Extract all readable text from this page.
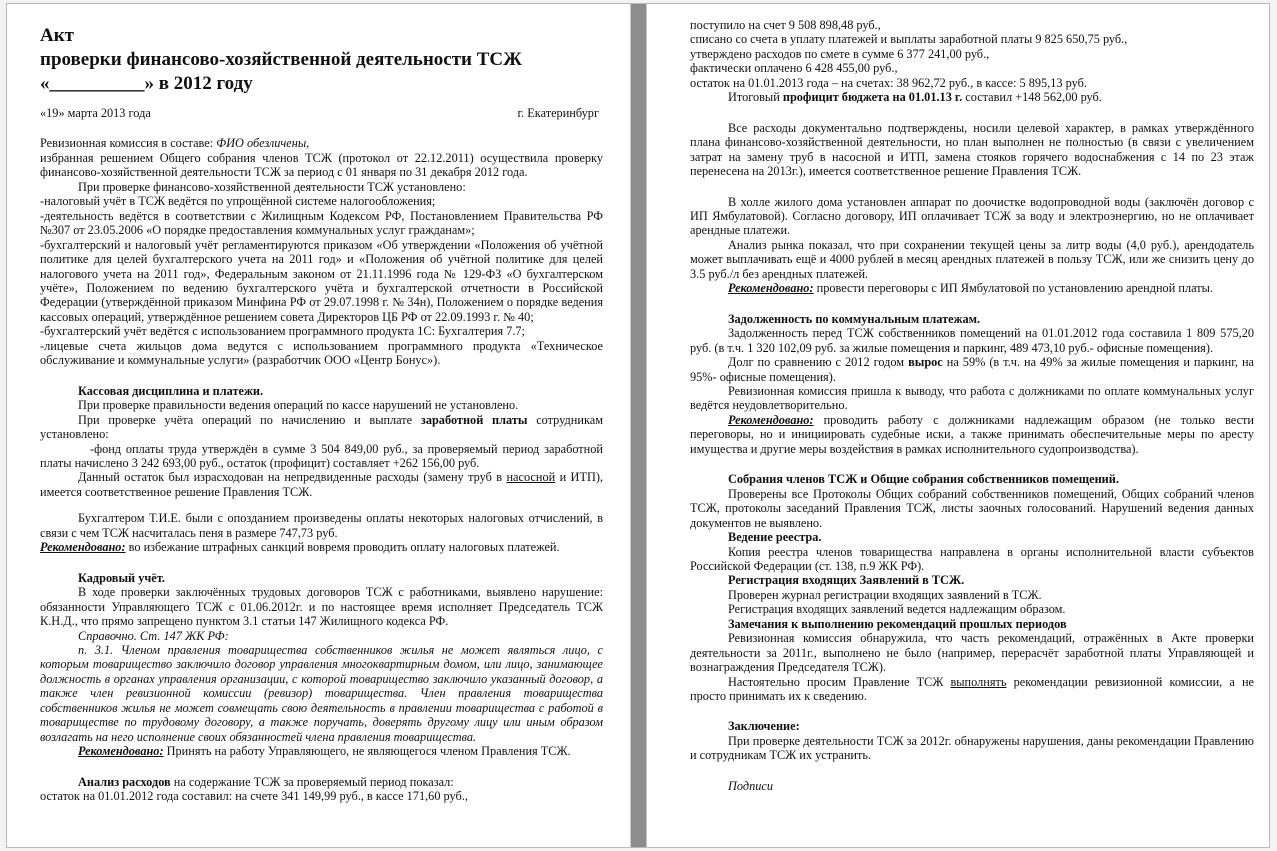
Акт

проверки финансово-хозяйственной деятельности ТСЖ

«__________» в 2012 году

«19» марта 2013 года	г. Екатеринбург

Ревизионная комиссия в составе: ФИО обезличены,

избранная решением Общего собрания членов ТСЖ (протокол от 22.12.2011) осуществила проверку финансово-хозяйственной деятельности ТСЖ за период с 01 января по 31 декабря 2012 года.

При проверке финансово-хозяйственной деятельности ТСЖ установлено:

-налоговый учёт в ТСЖ ведётся по упрощённой системе налогообложения;

-деятельность ведётся в соответствии с Жилищным Кодексом РФ, Постановлением Правительства РФ №307 от 23.05.2006 «О порядке предоставления коммунальных услуг гражданам»;

-бухгалтерский и налоговый учёт регламентируются приказом «Об утверждении «Положения об учётной политике для целей бухгалтерского учета на 2011 год» и «Положения об учётной политике для целей налогового учета на 2011 год», Федеральным законом от 21.11.1996 года № 129-ФЗ «О бухгалтерском учёте», Положением по ведению бухгалтерского учёта и бухгалтерской отчетности в Российской Федерации (утверждённой приказом Минфина РФ от 29.07.1998 г. № 34н), Положением о порядке ведения кассовых операций, утверждённое решением совета Директоров ЦБ РФ от 22.09.1993 г. № 40;

-бухгалтерский учёт ведётся с использованием программного продукта 1С: Бухгалтерия 7.7;

-лицевые счета жильцов дома ведутся с использованием программного продукта «Техническое обслуживание и коммунальные услуги» (разработчик ООО «Центр Бонус»).

Кассовая дисциплина и платежи.

При проверке правильности ведения операций по кассе нарушений не установлено.

При проверке учёта операций по начислению и выплате заработной платы сотрудникам установлено:

-фонд оплаты труда утверждён в сумме 3 504 849,00 руб., за проверяемый период заработной платы начислено 3 242 693,00 руб., остаток (профицит) составляет +262 156,00 руб.

Данный остаток был израсходован на непредвиденные расходы (замену труб в насосной и ИТП), имеется соответственное решение Правления ТСЖ.

Бухгалтером Т.И.Е. были с опозданием произведены оплаты некоторых налоговых отчислений, в связи с чем ТСЖ насчиталась пеня в размере 747,73 руб.

Рекомендовано: во избежание штрафных санкций вовремя проводить оплату налоговых платежей.

Кадровый учёт.

В ходе проверки заключённых трудовых договоров ТСЖ с работниками, выявлено нарушение: обязанности Управляющего ТСЖ с 01.06.2012г. и по настоящее время исполняет Председатель ТСЖ К.Н.Д., что прямо запрещено пунктом 3.1 статьи 147 Жилищного кодекса РФ.

Справочно. Ст. 147 ЖК РФ:

п. 3.1. Членом правления товарищества собственников жилья не может являться лицо, с которым товарищество заключило договор управления многоквартирным домом, или лицо, занимающее должность в органах управления организации, с которой товарищество заключило указанный договор, а также член ревизионной комиссии (ревизор) товарищества. Член правления товарищества собственников жилья не может совмещать свою деятельность в правлении товарищества с работой в товариществе по трудовому договору, а также поручать, доверять другому лицу или иным образом возлагать на него исполнение своих обязанностей члена правления товарищества.

Рекомендовано: Принять на работу Управляющего, не являющегося членом Правления ТСЖ.

Анализ расходов на содержание ТСЖ за проверяемый период показал:

остаток на 01.01.2012 года составил: на счете 341 149,99 руб., в кассе 171,60 руб.,

поступило на счет 9 508 898,48 руб.,

списано со счета в уплату платежей и выплаты заработной платы 9 825 650,75 руб.,

утверждено расходов по смете в сумме 6 377 241,00 руб.,

фактически оплачено 6 428 455,00 руб.,

остаток на 01.01.2013 года – на счетах: 38 962,72 руб., в кассе: 5 895,13 руб.

Итоговый профицит бюджета на 01.01.13 г. составил +148 562,00 руб.

Все расходы документально подтверждены, носили целевой характер, в рамках утверждённого плана финансово-хозяйственной деятельности, но план выполнен не полностью (в связи с увеличением затрат на замену труб в насосной и ИТП, замена стояков горячего водоснабжения с 14 по 23 этаж перенесена на 2013г.), имеется соответственное решение Правления ТСЖ.

В холле жилого дома установлен аппарат по доочистке водопроводной воды (заключён договор с ИП Ямбулатовой). Согласно договору, ИП оплачивает ТСЖ за воду и электроэнергию, но не оплачивает арендные платежи.

Анализ рынка показал, что при сохранении текущей цены за литр воды (4,0 руб.), арендодатель может выплачивать ещё и 4000 рублей в месяц арендных платежей в пользу ТСЖ, или же снизить цену до 3.5 руб./л без арендных платежей.

Рекомендовано: провести переговоры с ИП Ямбулатовой по установлению арендной платы.

Задолженность по коммунальным платежам.

Задолженность перед ТСЖ собственников помещений на 01.01.2012 года составила 1 809 575,20 руб. (в т.ч. 1 320 102,09 руб. за жилые помещения и паркинг, 489 473,10 руб.- офисные помещения).

Долг по сравнению с 2012 годом вырос на 59% (в т.ч. на 49% за жилые помещения и паркинг, на 95%- офисные помещения).

Ревизионная комиссия пришла к выводу, что работа с должниками по оплате коммунальных услуг ведётся неудовлетворительно.

Рекомендовано: проводить работу с должниками надлежащим образом (не только вести переговоры, но и инициировать судебные иски, а также принимать обеспечительные меры по аресту имущества и другие меры воздействия в рамках исполнительного судопроизводства).

Собрания членов ТСЖ и Общие собрания собственников помещений.

Проверены все Протоколы Общих собраний собственников помещений, Общих собраний членов ТСЖ, протоколы заседаний Правления ТСЖ, листы заочных голосований. Нарушений ведения данных документов не выявлено.

Ведение реестра.

Копия реестра членов товарищества направлена в органы исполнительной власти субъектов Российской Федерации (ст. 138, п.9 ЖК РФ).

Регистрация входящих Заявлений в ТСЖ.

Проверен журнал регистрации входящих заявлений в ТСЖ.

Регистрация входящих заявлений ведется надлежащим образом.

Замечания к выполнению рекомендаций прошлых периодов

Ревизионная комиссия обнаружила, что часть рекомендаций, отражённых в Акте проверки деятельности за 2011г., выполнено не было (например, перерасчёт заработной платы Управляющей и вознаграждения Председателя ТСЖ).

Настоятельно просим Правление ТСЖ выполнять рекомендации ревизионной комиссии, а не просто принимать их к сведению.

Заключение:

При проверке деятельности ТСЖ за 2012г. обнаружены нарушения, даны рекомендации Правлению и сотрудникам ТСЖ их устранить.

Подписи
